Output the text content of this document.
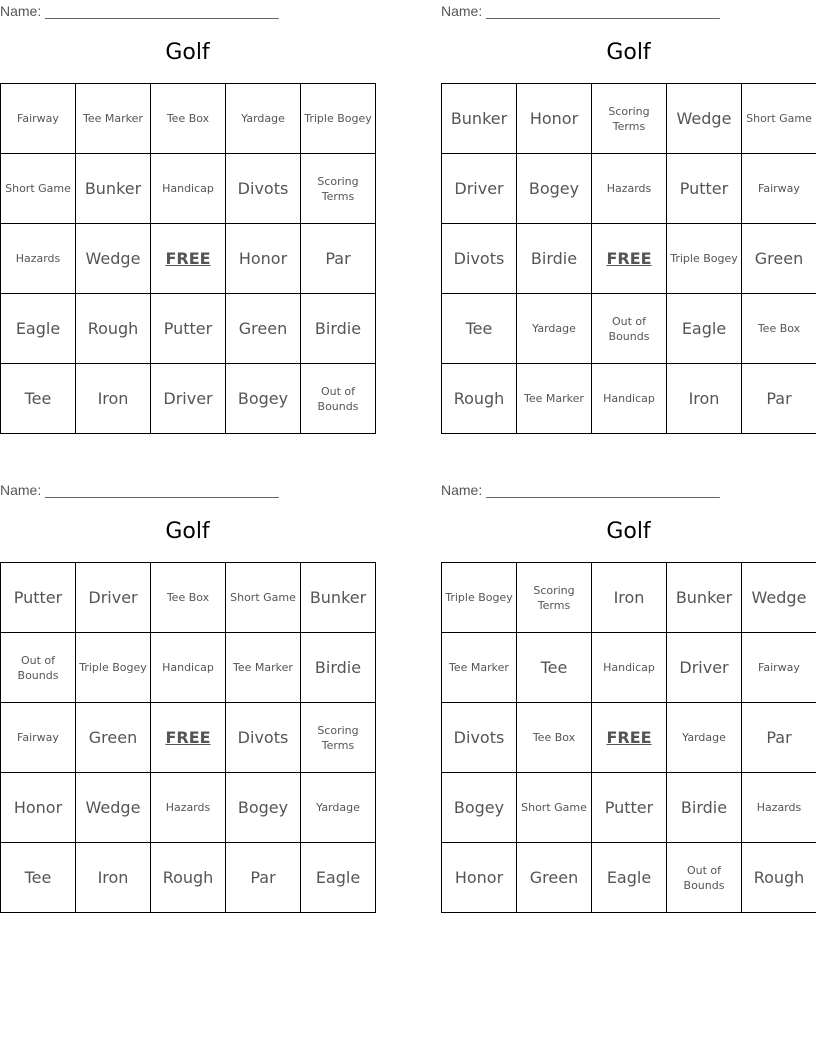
Name: ______________________________
Golf
Fairway	Tee Marker	Tee Box	Yardage	Triple Bogey
Short Game	Bunker	Handicap	Divots	Scoring Terms
Hazards	Wedge	FREE	Honor	Par
Eagle	Rough	Putter	Green	Birdie
Tee	Iron	Driver	Bogey	Out of Bounds
Name: ______________________________
Golf
Bunker	Honor	Scoring Terms	Wedge	Short Game
Driver	Bogey	Hazards	Putter	Fairway
Divots	Birdie	FREE	Triple Bogey	Green
Tee	Yardage	Out of Bounds	Eagle	Tee Box
Rough	Tee Marker	Handicap	Iron	Par
Name: ______________________________
Golf
Putter	Driver	Tee Box	Short Game	Bunker
Out of Bounds	Triple Bogey	Handicap	Tee Marker	Birdie
Fairway	Green	FREE	Divots	Scoring Terms
Honor	Wedge	Hazards	Bogey	Yardage
Tee	Iron	Rough	Par	Eagle
Name: ______________________________
Golf
Triple Bogey	Scoring Terms	Iron	Bunker	Wedge
Tee Marker	Tee	Handicap	Driver	Fairway
Divots	Tee Box	FREE	Yardage	Par
Bogey	Short Game	Putter	Birdie	Hazards
Honor	Green	Eagle	Out of Bounds	Rough
